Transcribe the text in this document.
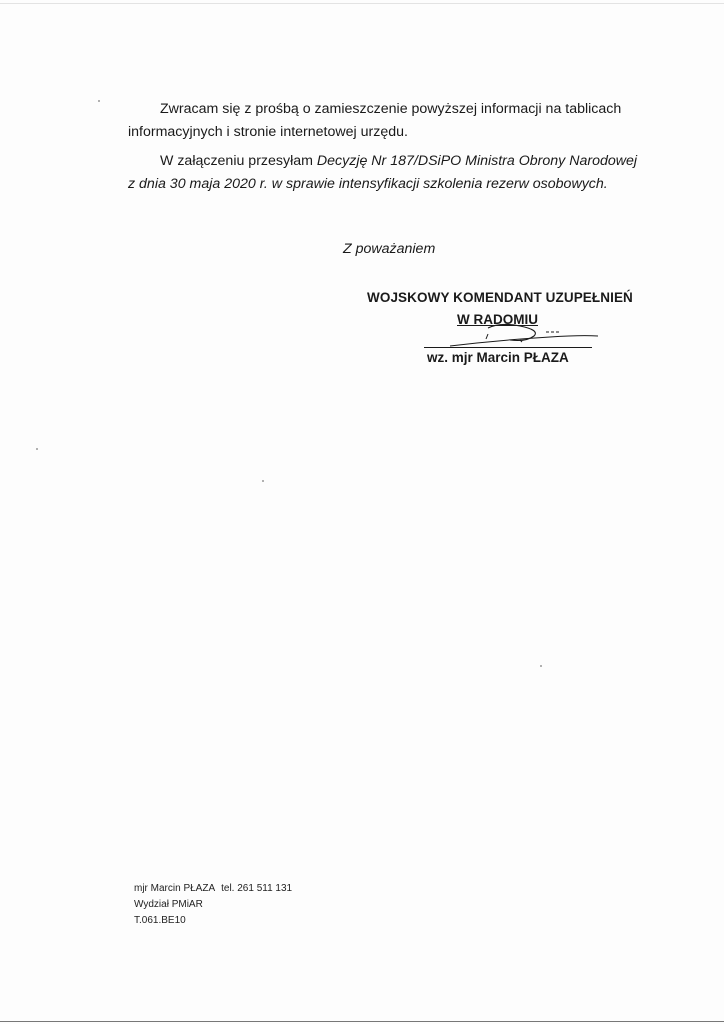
Zwracam się z prośbą o zamieszczenie powyższej informacji na tablicach
informacyjnych i stronie internetowej urzędu.

W załączeniu przesyłam Decyzję Nr 187/DSiPO Ministra Obrony Narodowej
z dnia 30 maja 2020 r. w sprawie intensyfikacji szkolenia rezerw osobowych.

Z poważaniem
WOJSKOWY KOMENDANT UZUPEŁNIEŃ
W RADOMIU
wz. mjr Marcin PŁAZA
mjr Marcin PŁAZA tel. 261 511 131
Wydział PMiAR
T.061.BE10
